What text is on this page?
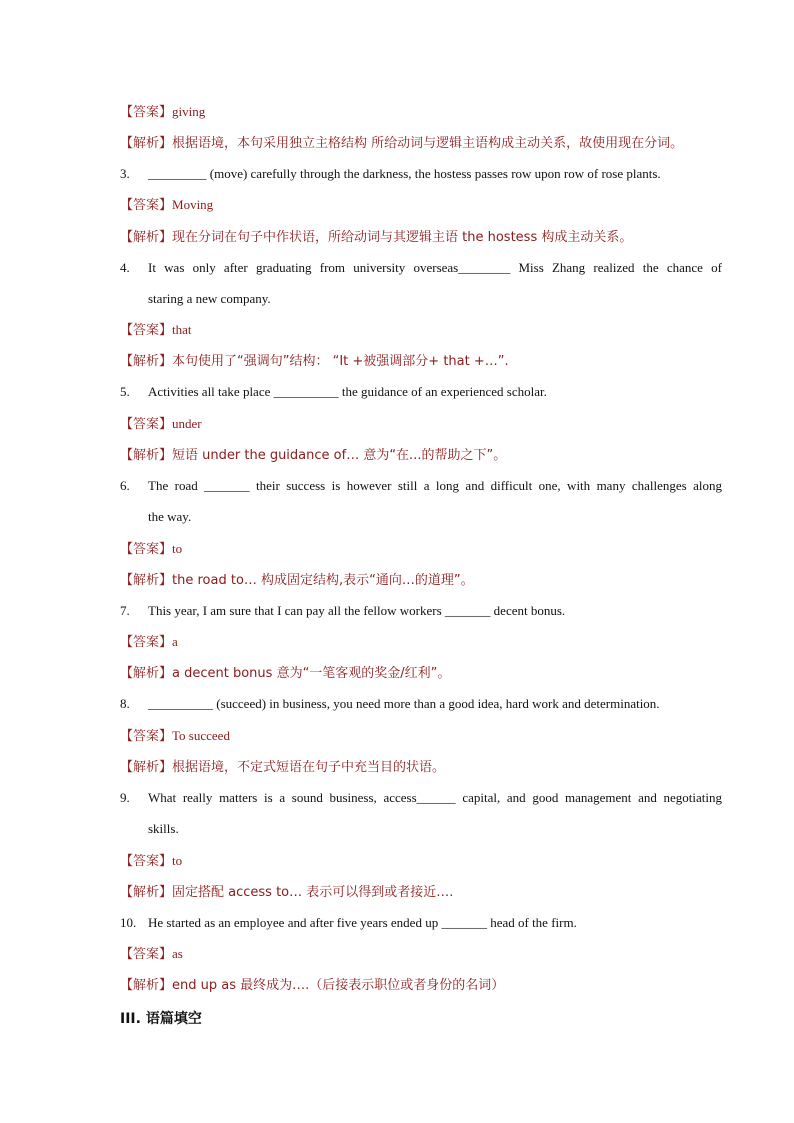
【答案】giving
【解析】根据语境，本句采用独立主格结构 所给动词与逻辑主语构成主动关系，故使用现在分词。
3. _________ (move) carefully through the darkness, the hostess passes row upon row of rose plants.
【答案】Moving
【解析】现在分词在句子中作状语，所给动词与其逻辑主语 the hostess 构成主动关系。
4. It was only after graduating from university overseas________ Miss Zhang realized the chance of
staring a new company.
【答案】that
【解析】本句使用了“强调句”结构： “It +被强调部分+ that +…”.
5. Activities all take place __________ the guidance of an experienced scholar.
【答案】under
【解析】短语 under the guidance of… 意为“在...的帮助之下”。
6. The road _______ their success is however still a long and difficult one, with many challenges along
the way.
【答案】to
【解析】the road to… 构成固定结构,表示“通向…的道理”。
7. This year, I am sure that I can pay all the fellow workers _______ decent bonus.
【答案】a
【解析】a decent bonus 意为“一笔客观的奖金/红利”。
8. __________ (succeed) in business, you need more than a good idea, hard work and determination.
【答案】To succeed
【解析】根据语境，不定式短语在句子中充当目的状语。
9. What really matters is a sound business, access______ capital, and good management and negotiating
skills.
【答案】to
【解析】固定搭配 access to… 表示可以得到或者接近….
10. He started as an employee and after five years ended up _______ head of the firm.
【答案】as
【解析】end up as 最终成为….（后接表示职位或者身份的名词）
III. 语篇填空
